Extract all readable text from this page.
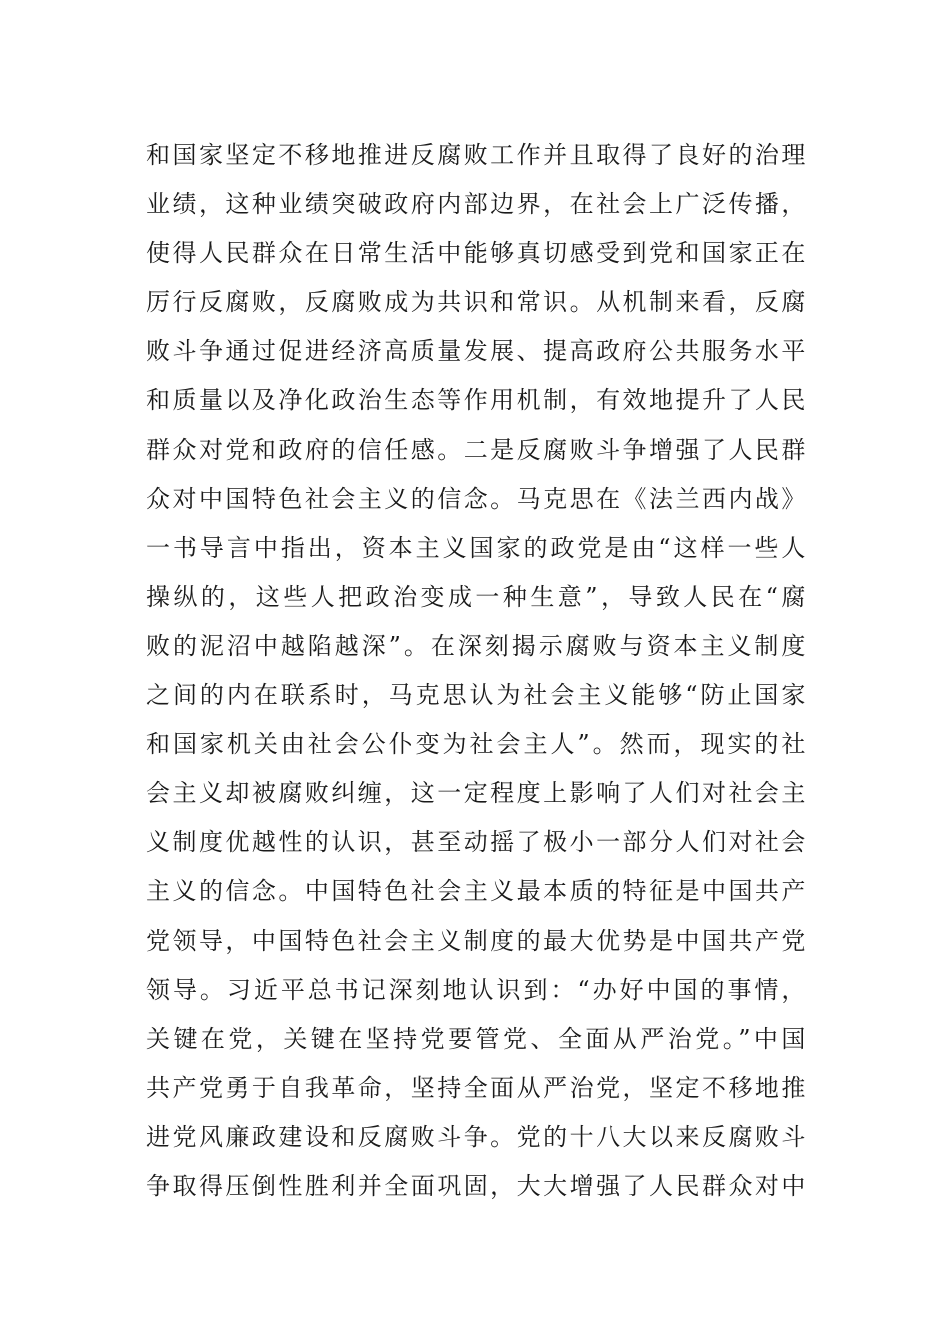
和国家坚定不移地推进反腐败工作并且取得了良好的治理
业绩，这种业绩突破政府内部边界，在社会上广泛传播，
使得人民群众在日常生活中能够真切感受到党和国家正在
厉行反腐败，反腐败成为共识和常识。从机制来看，反腐
败斗争通过促进经济高质量发展、提高政府公共服务水平
和质量以及净化政治生态等作用机制，有效地提升了人民
群众对党和政府的信任感。二是反腐败斗争增强了人民群
众对中国特色社会主义的信念。马克思在《法兰西内战》
一书导言中指出，资本主义国家的政党是由“这样一些人
操纵的，这些人把政治变成一种生意”，导致人民在“腐
败的泥沼中越陷越深”。在深刻揭示腐败与资本主义制度
之间的内在联系时，马克思认为社会主义能够“防止国家
和国家机关由社会公仆变为社会主人”。然而，现实的社
会主义却被腐败纠缠，这一定程度上影响了人们对社会主
义制度优越性的认识，甚至动摇了极小一部分人们对社会
主义的信念。中国特色社会主义最本质的特征是中国共产
党领导，中国特色社会主义制度的最大优势是中国共产党
领导。习近平总书记深刻地认识到：“办好中国的事情，
关键在党，关键在坚持党要管党、全面从严治党。”中国
共产党勇于自我革命，坚持全面从严治党，坚定不移地推
进党风廉政建设和反腐败斗争。党的十八大以来反腐败斗
争取得压倒性胜利并全面巩固，大大增强了人民群众对中
